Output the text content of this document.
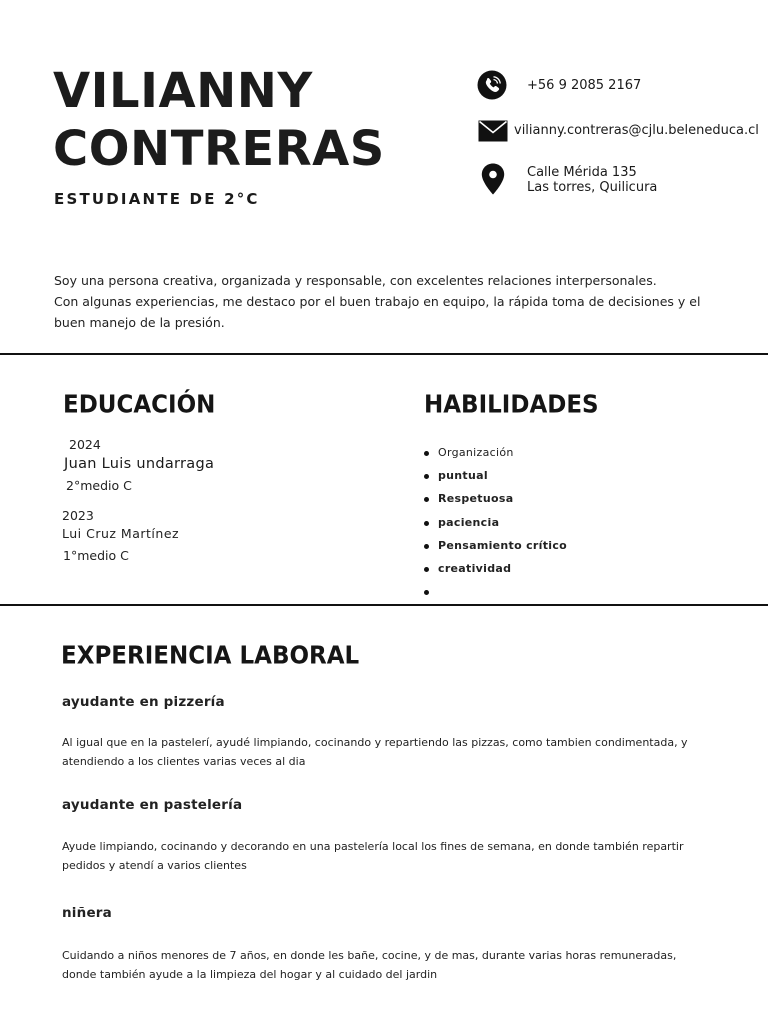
VILIANNY
CONTRERAS
ESTUDIANTE DE 2°C
+56 9 2085 2167
vilianny.contreras@cjlu.beleneduca.cl
Calle Mérida 135
Las torres, Quilicura
Soy una persona creativa, organizada y responsable, con excelentes relaciones interpersonales.
Con algunas experiencias, me destaco por el buen trabajo en equipo, la rápida toma de decisiones y el buen manejo de la presión.
EDUCACIÓN
2024
Juan Luis undarraga
2°medio C
2023
Lui Cruz Martínez
1°medio C
HABILIDADES
Organización
puntual
Respetuosa
paciencia
Pensamiento crítico
creatividad
EXPERIENCIA LABORAL
ayudante en pizzería
Al igual que en la pastelerí, ayudé limpiando, cocinando y repartiendo las pizzas, como tambien condimentada, y atendiendo a los clientes varias veces al dia
ayudante en pastelería
Ayude limpiando, cocinando y decorando en una pastelería local los fines de semana, en donde también repartir pedidos y atendí a varios clientes
niñera
Cuidando a niños menores de 7 años, en donde les bañe, cocine, y de mas, durante varias horas remuneradas, donde también ayude a la limpieza del hogar y al cuidado del jardin
